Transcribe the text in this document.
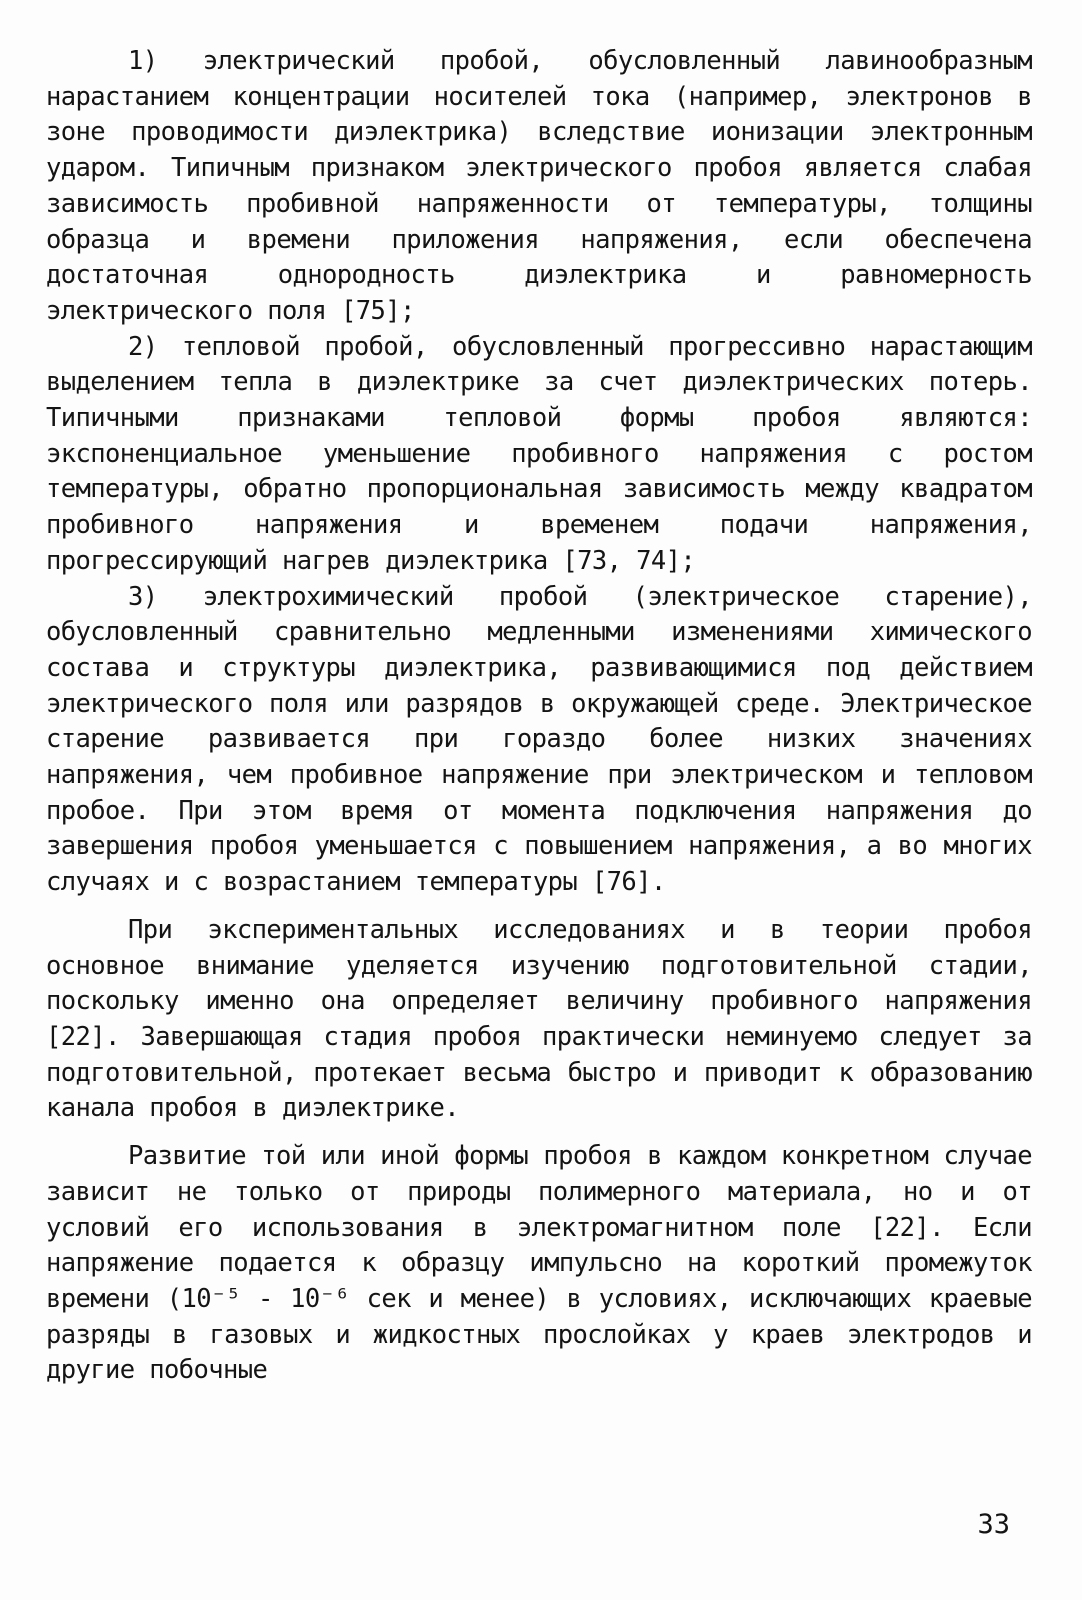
1) электрический пробой, обусловленный лавинообразным нарастанием концентрации носителей тока (например, электронов в зоне проводимости диэлектрика) вследствие ионизации электронным ударом. Типичным признаком электрического пробоя является слабая зависимость пробивной напряженности от температуры, толщины образца и времени приложения напряжения, если обеспечена достаточная однородность диэлектрика и равномерность электрического поля [75];

2) тепловой пробой, обусловленный прогрессивно нарастающим выделением тепла в диэлектрике за счет диэлектрических потерь. Типичными признаками тепловой формы пробоя являются: экспоненциальное уменьшение пробивного напряжения с ростом температуры, обратно пропорциональная зависимость между квадратом пробивного напряжения и временем подачи напряжения, прогрессирующий нагрев диэлектрика [73, 74];

3) электрохимический пробой (электрическое старение), обусловленный сравнительно медленными изменениями химического состава и структуры диэлектрика, развивающимися под действием электрического поля или разрядов в окружающей среде. Электрическое старение развивается при гораздо более низких значениях напряжения, чем пробивное напряжение при электрическом и тепловом пробое. При этом время от момента подключения напряжения до завершения пробоя уменьшается с повышением напряжения, а во многих случаях и с возрастанием температуры [76].

При экспериментальных исследованиях и в теории пробоя основное внимание уделяется изучению подготовительной стадии, поскольку именно она определяет величину пробивного напряжения [22]. Завершающая стадия пробоя практически неминуемо следует за подготовительной, протекает весьма быстро и приводит к образованию канала пробоя в диэлектрике.

Развитие той или иной формы пробоя в каждом конкретном случае зависит не только от природы полимерного материала, но и от условий его использования в электромагнитном поле [22]. Если напряжение подается к образцу импульсно на короткий промежуток времени (10⁻⁵ - 10⁻⁶ сек и менее) в условиях, исключающих краевые разряды в газовых и жидкостных прослойках у краев электродов и другие побочные

33
